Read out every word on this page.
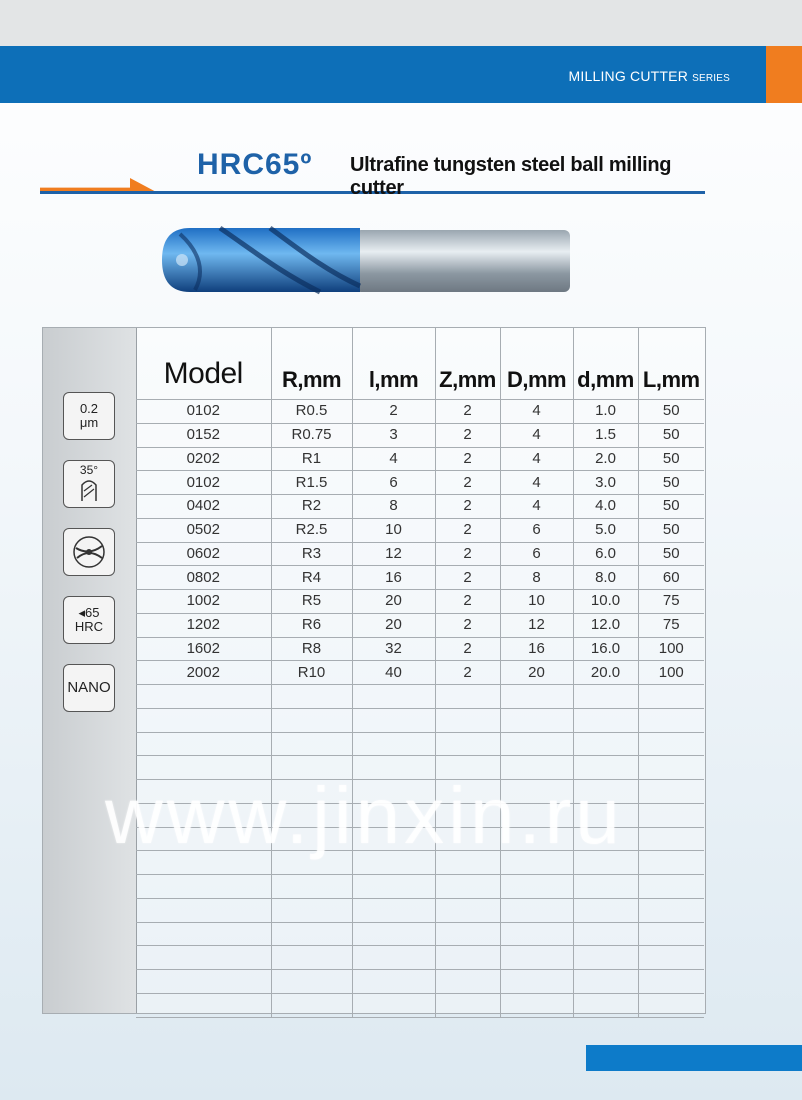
MILLING CUTTER SERIES
HRC65º Ultrafine tungsten steel ball milling cutter
0.2
μm
35°
◂65
HRC
NANO
Model	R,mm	l,mm	Z,mm	D,mm	d,mm	L,mm
0102	R0.5	2	2	4	1.0	50
0152	R0.75	3	2	4	1.5	50
0202	R1	4	2	4	2.0	50
0102	R1.5	6	2	4	3.0	50
0402	R2	8	2	4	4.0	50
0502	R2.5	10	2	6	5.0	50
0602	R3	12	2	6	6.0	50
0802	R4	16	2	8	8.0	60
1002	R5	20	2	10	10.0	75
1202	R6	20	2	12	12.0	75
1602	R8	32	2	16	16.0	100
2002	R10	40	2	20	20.0	100

www.jinxin.ru
